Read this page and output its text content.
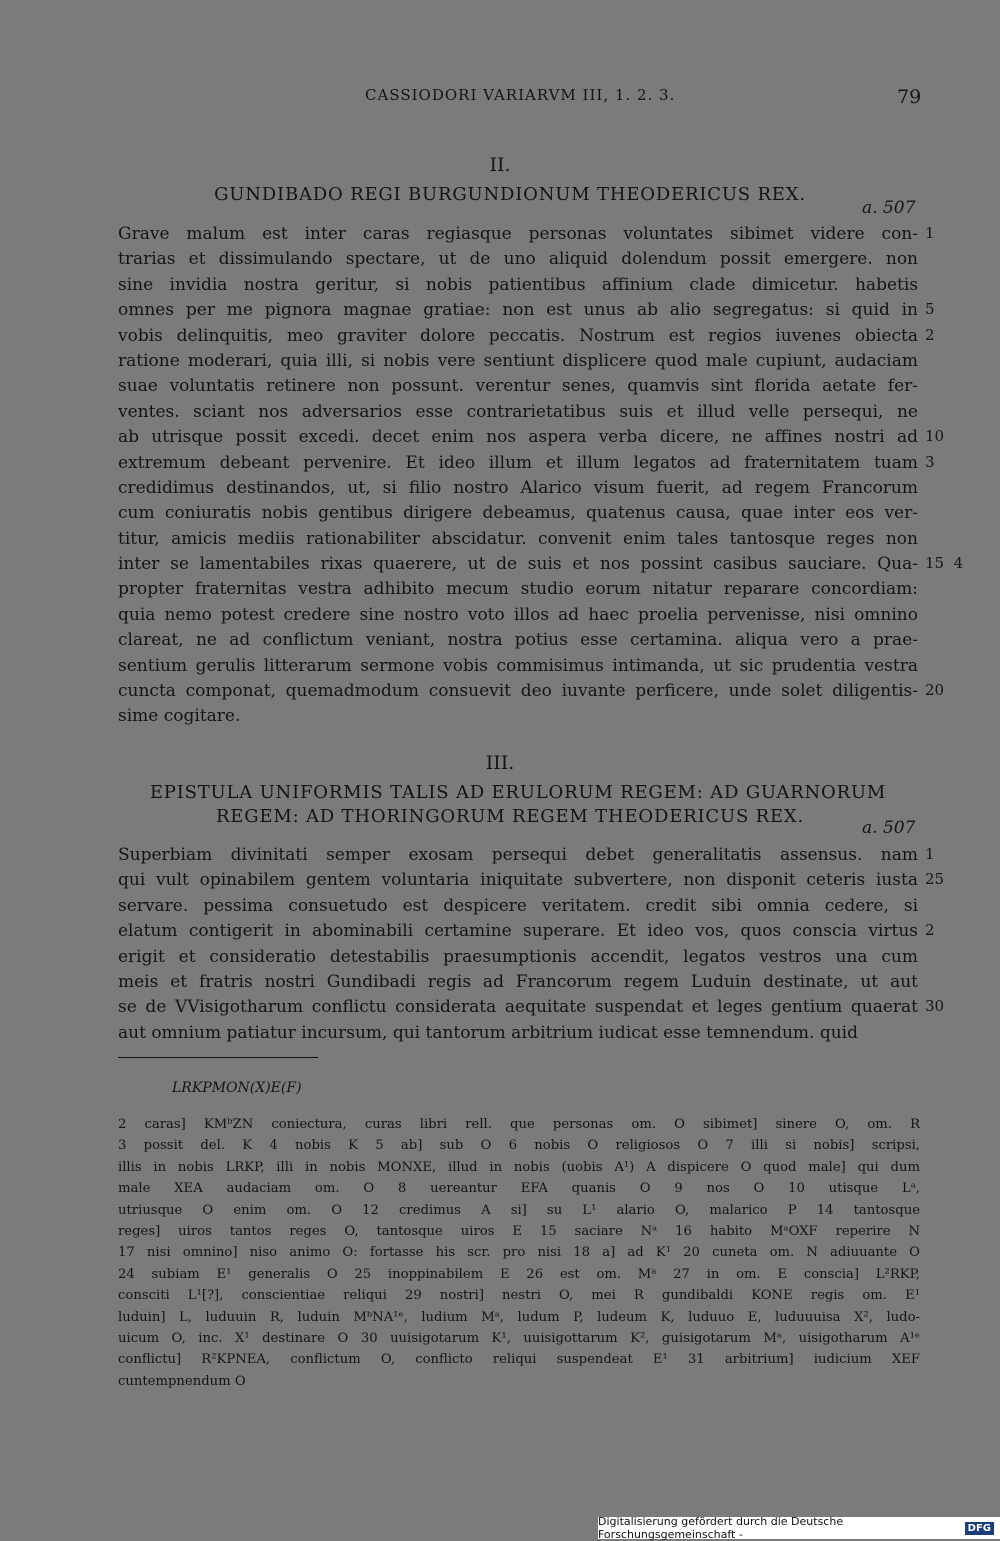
CASSIODORI VARIARVM III, 1. 2. 3.	79
II.
GUNDIBADO REGI BURGUNDIONUM THEODERICUS REX.
a. 507
Grave malum est inter caras regiasque personas voluntates sibimet videre con-
trarias et dissimulando spectare, ut de uno aliquid dolendum possit emergere. non
sine invidia nostra geritur, si nobis patientibus affinium clade dimicetur. habetis
omnes per me pignora magnae gratiae: non est unus ab alio segregatus: si quid in
vobis delinquitis, meo graviter dolore peccatis. Nostrum est regios iuvenes obiecta
ratione moderari, quia illi, si nobis vere sentiunt displicere quod male cupiunt, audaciam
suae voluntatis retinere non possunt. verentur senes, quamvis sint florida aetate fer-
ventes. sciant nos adversarios esse contrarietatibus suis et illud velle persequi, ne
ab utrisque possit excedi. decet enim nos aspera verba dicere, ne affines nostri ad
extremum debeant pervenire. Et ideo illum et illum legatos ad fraternitatem tuam
credidimus destinandos, ut, si filio nostro Alarico visum fuerit, ad regem Francorum
cum coniuratis nobis gentibus dirigere debeamus, quatenus causa, quae inter eos ver-
titur, amicis mediis rationabiliter abscidatur. convenit enim tales tantosque reges non
inter se lamentabiles rixas quaerere, ut de suis et nos possint casibus sauciare. Qua-
propter fraternitas vestra adhibito mecum studio eorum nitatur reparare concordiam:
quia nemo potest credere sine nostro voto illos ad haec proelia pervenisse, nisi omnino
clareat, ne ad conflictum veniant, nostra potius esse certamina. aliqua vero a prae-
sentium gerulis litterarum sermone vobis commisimus intimanda, ut sic prudentia vestra
cuncta componat, quemadmodum consuevit deo iuvante perficere, unde solet diligentis-
sime cogitare.
1
5
2
10
3
15  4
20
III.
EPISTULA UNIFORMIS TALIS AD ERULORUM REGEM: AD GUARNORUM
REGEM: AD THORINGORUM REGEM THEODERICUS REX.
a. 507
Superbiam divinitati semper exosam persequi debet generalitatis assensus. nam
qui vult opinabilem gentem voluntaria iniquitate subvertere, non disponit ceteris iusta
servare. pessima consuetudo est despicere veritatem. credit sibi omnia cedere, si
elatum contigerit in abominabili certamine superare. Et ideo vos, quos conscia virtus
erigit et consideratio detestabilis praesumptionis accendit, legatos vestros una cum
meis et fratris nostri Gundibadi regis ad Francorum regem Luduin destinate, ut aut
se de VVisigotharum conflictu considerata aequitate suspendat et leges gentium quaerat
aut omnium patiatur incursum, qui tantorum arbitrium iudicat esse temnendum. quid
1
25
2
30
LRKPMON(X)E(F)
2 caras] KMᵇZN coniectura, curas libri rell. que personas om. O sibimet] sinere O, om. R
3 possit del. K 4 nobis K 5 ab] sub O 6 nobis O religiosos O 7 illi si nobis] scripsi,
illis in nobis LRKP, illi in nobis MONXE, illud in nobis (uobis A¹) A dispicere O quod male] qui dum
male XEA audaciam om. O 8 uereantur EFA quanis O 9 nos O 10 utisque Lᵃ,
utriusque O enim om. O 12 credimus A si] su L¹ alario O, malarico P 14 tantosque
reges] uiros tantos reges O, tantosque uiros E 15 saciare Nᵃ 16 habito MᵃOXF reperire N
17 nisi omnino] niso animo O: fortasse his scr. pro nisi 18 a] ad K¹ 20 cuneta om. N adiuuante O
24 subiam E¹ generalis O 25 inoppinabilem E 26 est om. Mᵃ 27 in om. E conscia] L²RKP,
consciti L¹[?], conscientiae reliqui 29 nostri] nestri O, mei R gundibaldi KONE regis om. E¹
luduin] L, luduuin R, luduin MᵇNA¹ᵉ, ludium Mᵃ, ludum P, ludeum K, luduuo E, luduuuisa X², ludo-
uicum O, inc. X¹ destinare O 30 uuisigotarum K¹, uuisigottarum K², guisigotarum Mᵃ, uisigotharum A¹ᵉ
conflictu] R²KPNEA, conflictum O, conflicto reliqui suspendeat E¹ 31 arbitrium] iudicium XEF
cuntempnendum O
Digitalisierung gefördert durch die Deutsche Forschungsgemeinschaft -	DFG
